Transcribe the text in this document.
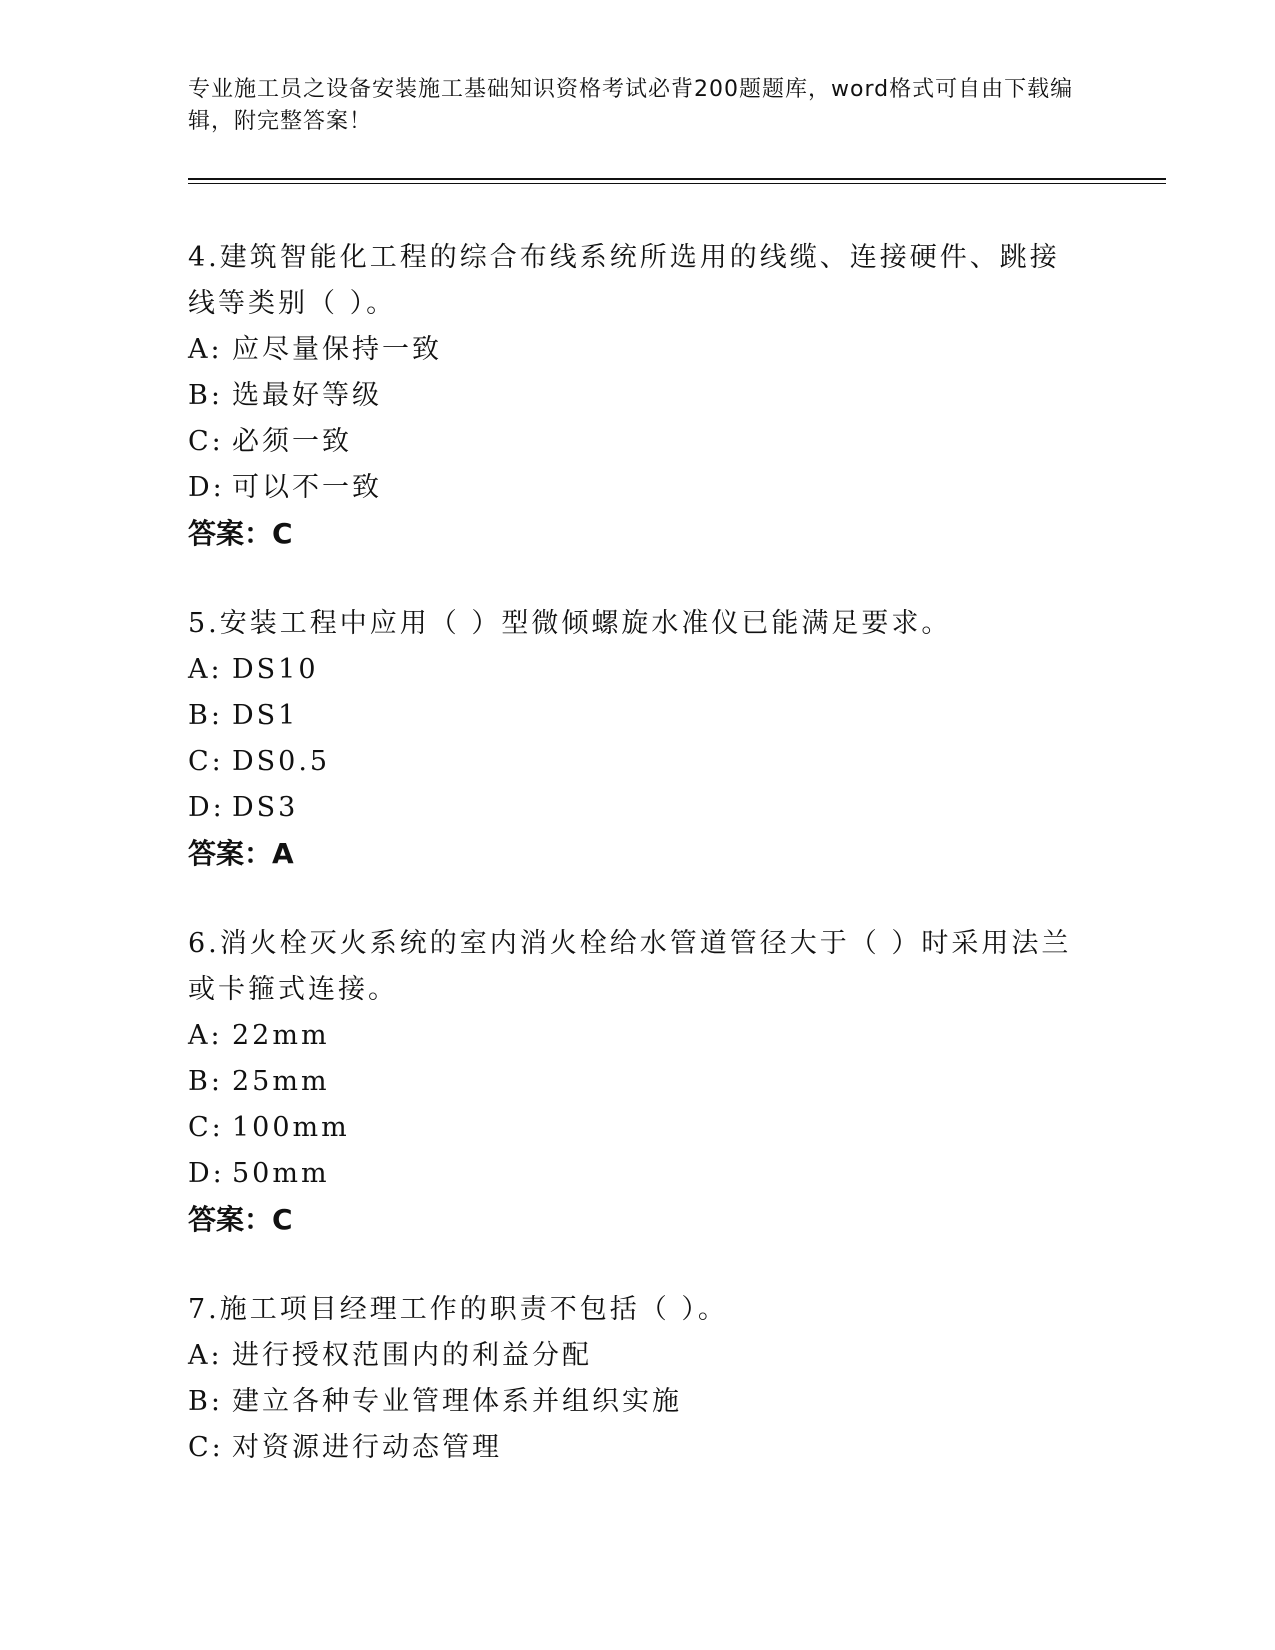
专业施工员之设备安装施工基础知识资格考试必背200题题库，word格式可自由下载编辑，附完整答案！

4.建筑智能化工程的综合布线系统所选用的线缆、连接硬件、跳接线等类别（ ）。

A: 应尽量保持一致

B: 选最好等级

C: 必须一致

D: 可以不一致

答案：C

5.安装工程中应用（ ）型微倾螺旋水准仪已能满足要求。

A: DS10

B: DS1

C: DS0.5

D: DS3

答案：A

6.消火栓灭火系统的室内消火栓给水管道管径大于（ ）时采用法兰或卡箍式连接。

A: 22mm

B: 25mm

C: 100mm

D: 50mm

答案：C

7.施工项目经理工作的职责不包括（ ）。

A: 进行授权范围内的利益分配

B: 建立各种专业管理体系并组织实施

C: 对资源进行动态管理
